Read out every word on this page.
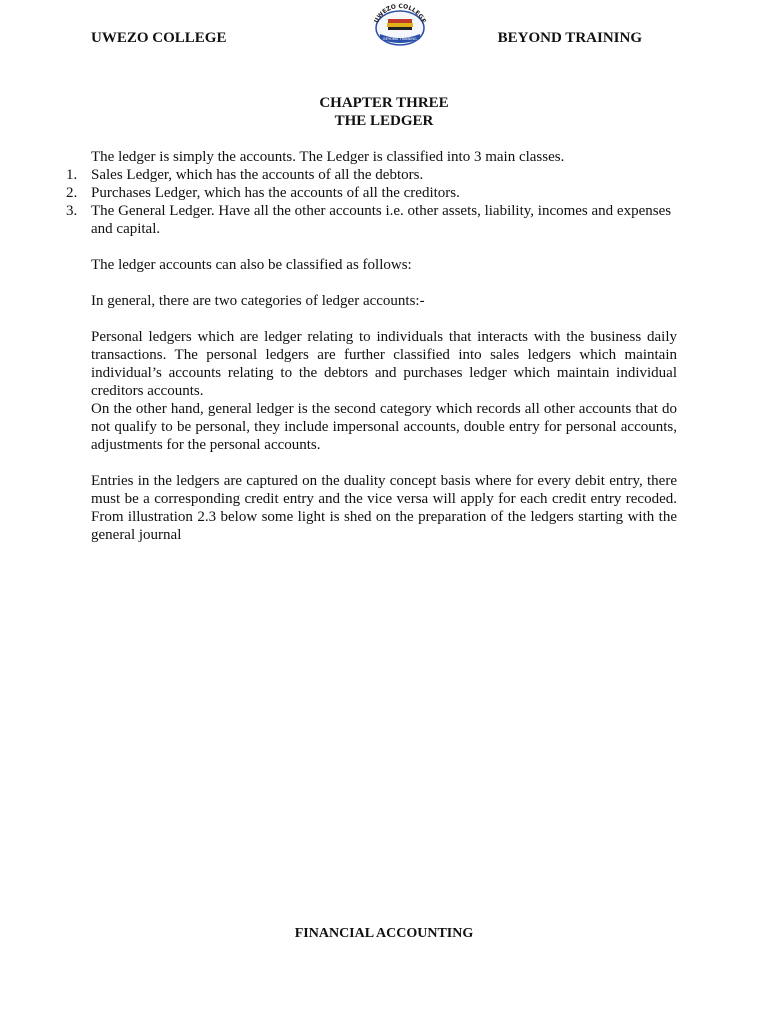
UWEZO COLLEGE
UWEZO COLLEGE
BEYOND TRAINING	BEYOND TRAINING
CHAPTER THREE
THE LEDGER

The ledger is simply the accounts. The Ledger is classified into 3 main classes.

1. Sales Ledger, which has the accounts of all the debtors.
2. Purchases Ledger, which has the accounts of all the creditors.
3. The General Ledger. Have all the other accounts i.e. other assets, liability, incomes and expenses and capital.

The ledger accounts can also be classified as follows:

In general, there are two categories of ledger accounts:-

Personal ledgers which are ledger relating to individuals that interacts with the business daily transactions. The personal ledgers are further classified into sales ledgers which maintain individual’s accounts relating to the debtors and purchases ledger which maintain individual creditors accounts.

On the other hand, general ledger is the second category which records all other accounts that do not qualify to be personal, they include impersonal accounts, double entry for personal accounts, adjustments for the personal accounts.

Entries in the ledgers are captured on the duality concept basis where for every debit entry, there must be a corresponding credit entry and the vice versa will apply for each credit entry recoded. From illustration 2.3 below some light is shed on the preparation of the ledgers starting with the general journal

FINANCIAL ACCOUNTING
